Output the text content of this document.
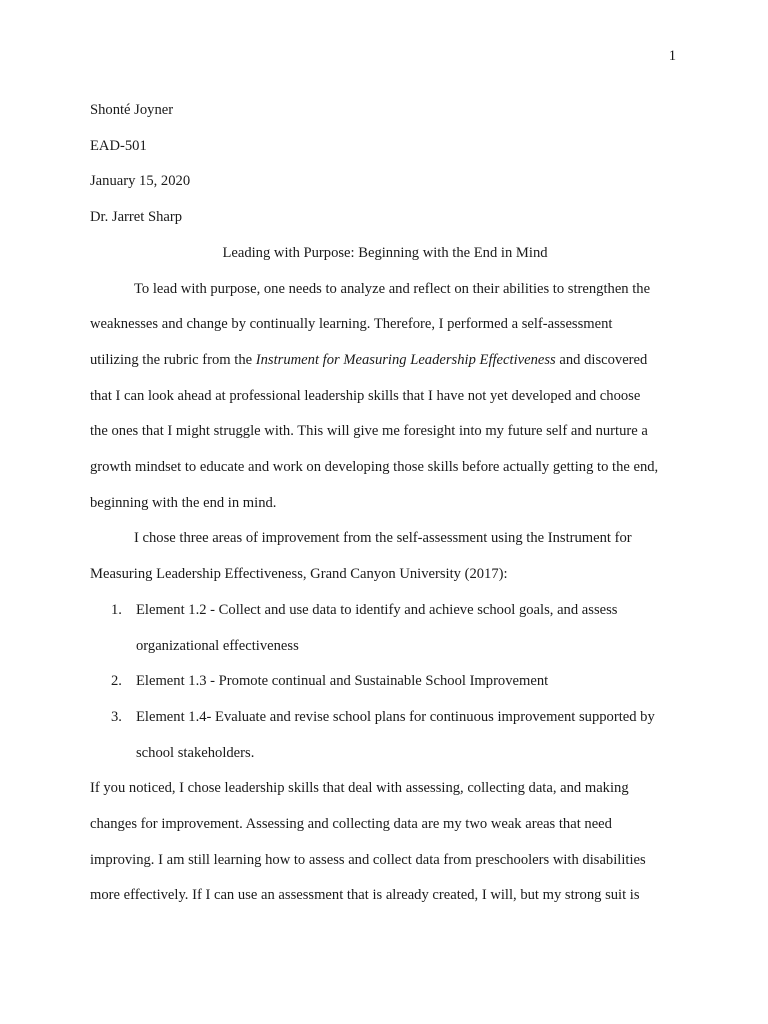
1

Shonté Joyner

EAD-501

January 15, 2020

Dr. Jarret Sharp

Leading with Purpose: Beginning with the End in Mind

To lead with purpose, one needs to analyze and reflect on their abilities to strengthen the

weaknesses and change by continually learning. Therefore, I performed a self-assessment

utilizing the rubric from the Instrument for Measuring Leadership Effectiveness and discovered

that I can look ahead at professional leadership skills that I have not yet developed and choose

the ones that I might struggle with. This will give me foresight into my future self and nurture a

growth mindset to educate and work on developing those skills before actually getting to the end,

beginning with the end in mind.

I chose three areas of improvement from the self-assessment using the Instrument for

Measuring Leadership Effectiveness, Grand Canyon University (2017):

1. Element 1.2 - Collect and use data to identify and achieve school goals, and assess
organizational effectiveness
2. Element 1.3 - Promote continual and Sustainable School Improvement
3. Element 1.4- Evaluate and revise school plans for continuous improvement supported by
school stakeholders.

If you noticed, I chose leadership skills that deal with assessing, collecting data, and making

changes for improvement. Assessing and collecting data are my two weak areas that need

improving. I am still learning how to assess and collect data from preschoolers with disabilities

more effectively. If I can use an assessment that is already created, I will, but my strong suit is
